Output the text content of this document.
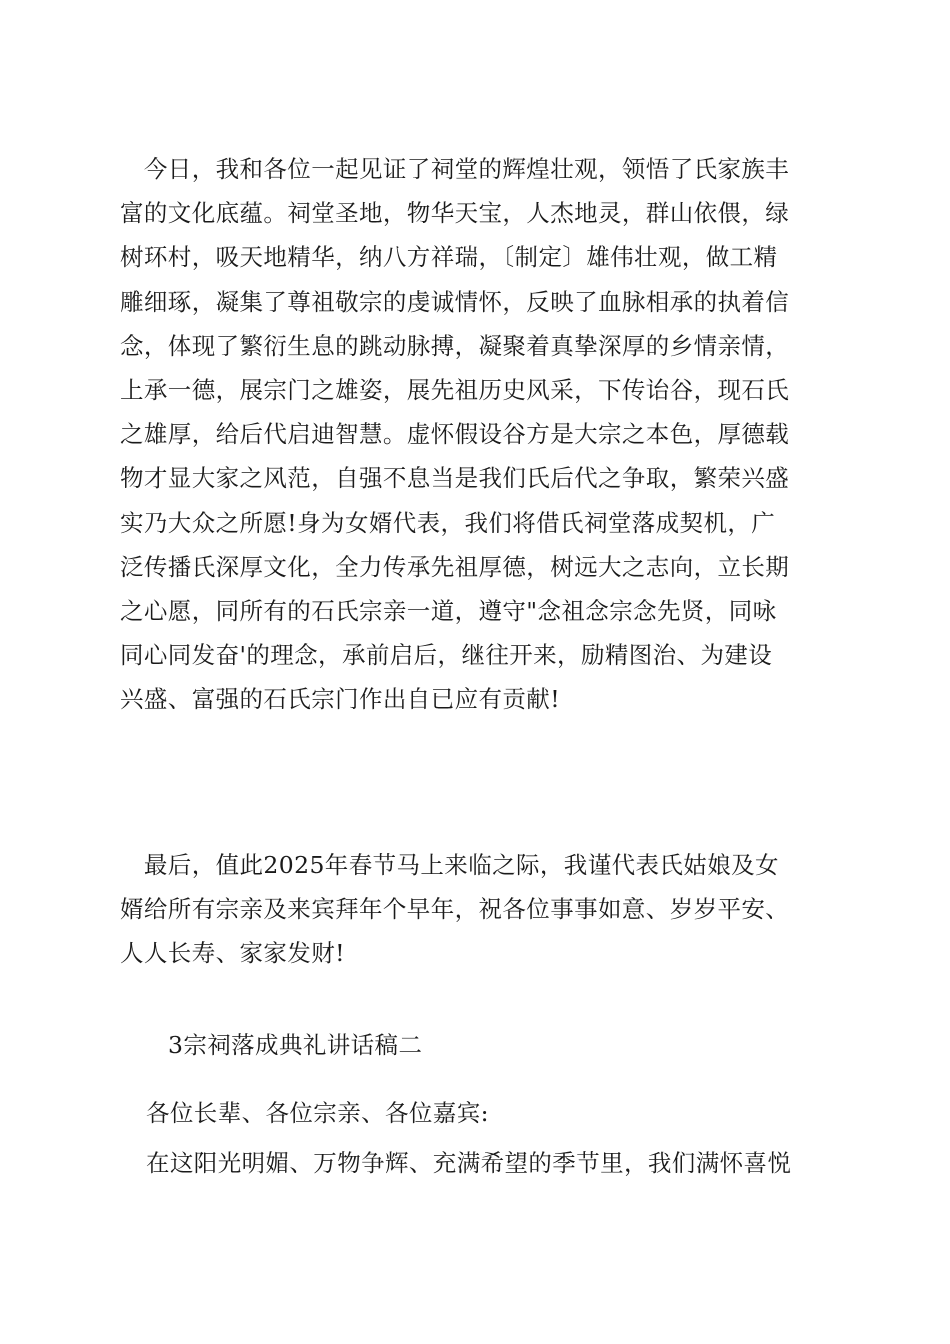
　今日，我和各位一起见证了祠堂的辉煌壮观，领悟了氏家族丰
富的文化底蕴。祠堂圣地，物华天宝，人杰地灵，群山依偎，绿
树环村，吸天地精华，纳八方祥瑞，〔制定〕雄伟壮观，做工精
雕细琢，凝集了尊祖敬宗的虔诚情怀，反映了血脉相承的执着信
念，体现了繁衍生息的跳动脉搏，凝聚着真挚深厚的乡情亲情，
上承一德，展宗门之雄姿，展先祖历史风采，下传诒谷，现石氏
之雄厚，给后代启迪智慧。虚怀假设谷方是大宗之本色，厚德载
物才显大家之风范，自强不息当是我们氏后代之争取，繁荣兴盛
实乃大众之所愿!身为女婿代表，我们将借氏祠堂落成契机，广
泛传播氏深厚文化，全力传承先祖厚德，树远大之志向，立长期
之心愿，同所有的石氏宗亲一道，遵守"念祖念宗念先贤，同咏
同心同发奋'的理念，承前启后，继往开来，励精图治、为建设
兴盛、富强的石氏宗门作出自已应有贡献!

　最后，值此2025年春节马上来临之际，我谨代表氏姑娘及女
婿给所有宗亲及来宾拜年个早年，祝各位事事如意、岁岁平安、
人人长寿、家家发财!

3宗祠落成典礼讲话稿二
各位长辈、各位宗亲、各位嘉宾:
在这阳光明媚、万物争辉、充满希望的季节里，我们满怀喜悦
